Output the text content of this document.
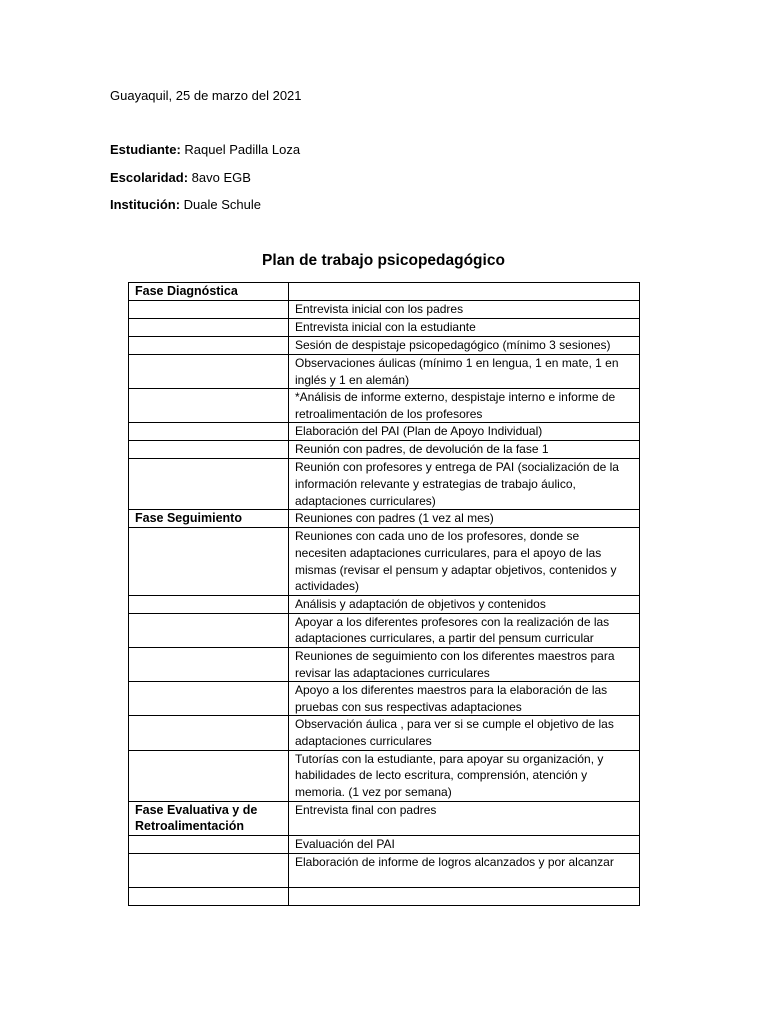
Guayaquil, 25 de marzo del 2021
Estudiante: Raquel Padilla Loza
Escolaridad: 8avo EGB
Institución: Duale Schule
Plan de trabajo psicopedagógico
Fase Diagnóstica	
	Entrevista inicial con los padres
	Entrevista inicial con la estudiante
	Sesión de despistaje psicopedagógico (mínimo 3 sesiones)
	Observaciones áulicas (mínimo 1 en lengua, 1 en mate, 1 en inglés y 1 en alemán)
	*Análisis de informe externo, despistaje interno e informe de retroalimentación de los profesores
	Elaboración del PAI (Plan de Apoyo Individual)
	Reunión con padres, de devolución de la fase 1
	Reunión con profesores y entrega de PAI (socialización de la información relevante y estrategias de trabajo áulico, adaptaciones curriculares)
Fase Seguimiento	Reuniones con padres (1 vez al mes)
	Reuniones con cada uno de los profesores, donde se necesiten adaptaciones curriculares, para el apoyo de las mismas (revisar el pensum y adaptar objetivos, contenidos y actividades)
	Análisis y adaptación de objetivos y contenidos
	Apoyar a los diferentes profesores con la realización de las adaptaciones curriculares, a partir del pensum curricular
	Reuniones de seguimiento con los diferentes maestros para revisar las adaptaciones curriculares
	Apoyo a los diferentes maestros para la elaboración de las pruebas con sus respectivas adaptaciones
	Observación áulica , para ver si se cumple el objetivo de las adaptaciones curriculares
	Tutorías con la estudiante, para apoyar su organización, y habilidades de lecto escritura, comprensión, atención y memoria. (1 vez por semana)
Fase Evaluativa y de Retroalimentación	Entrevista final con padres
	Evaluación del PAI
	Elaboración de informe de logros alcanzados y por alcanzar
